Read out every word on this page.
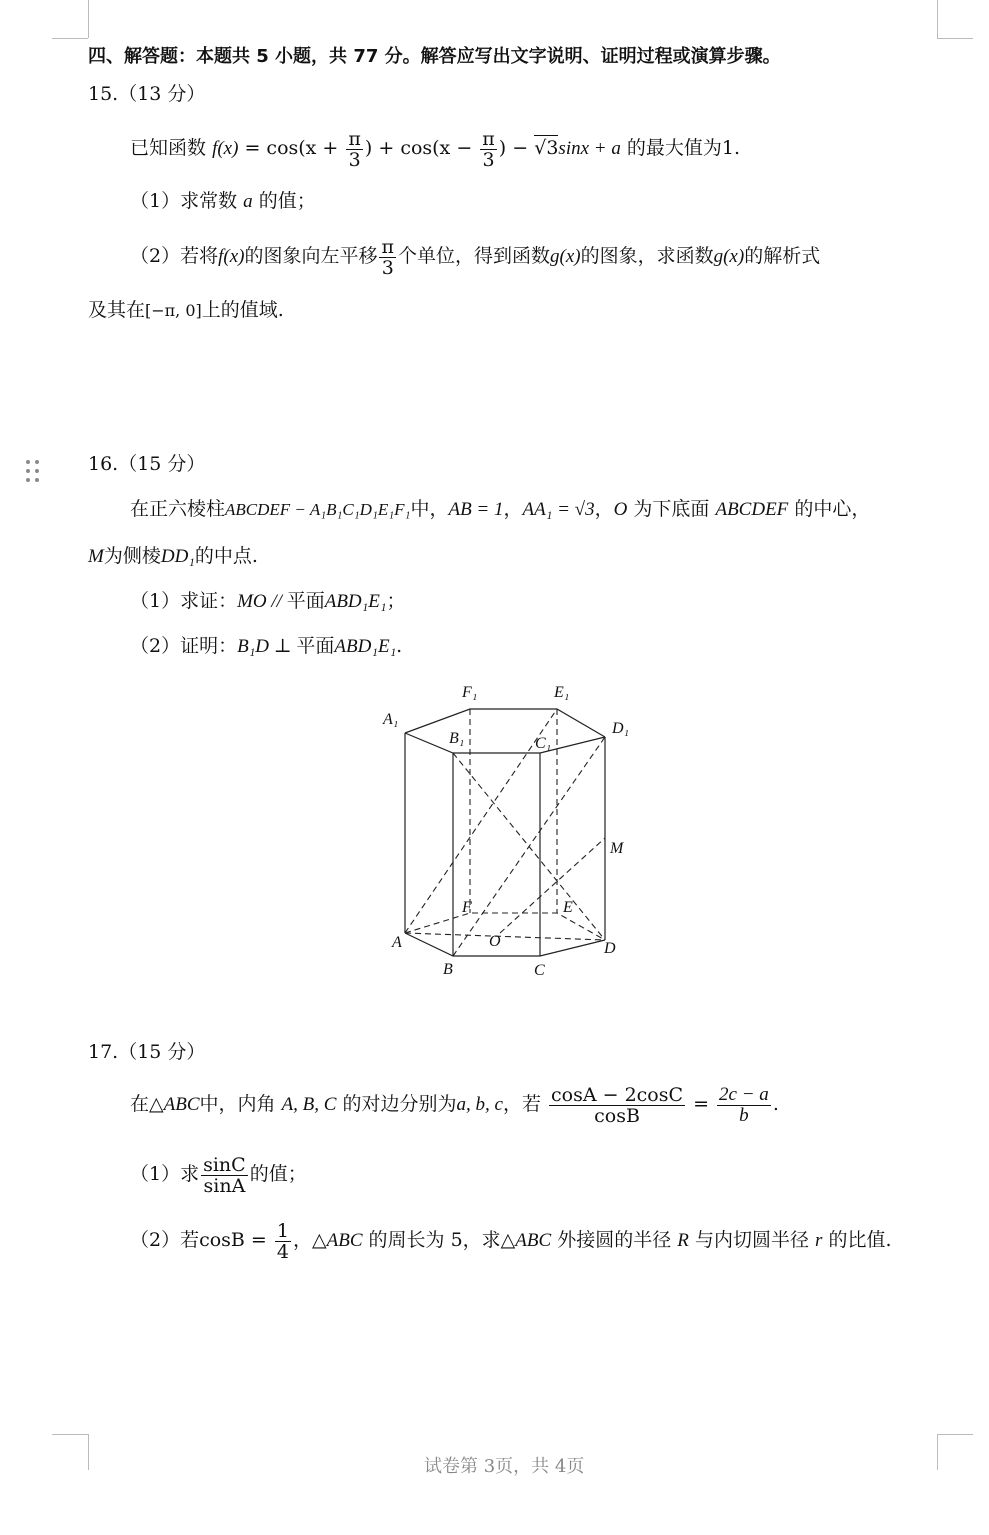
四、解答题：本题共 5 小题，共 77 分。解答应写出文字说明、证明过程或演算步骤。
15.（13 分）
已知函数 $f(x) = \cos(x + \frac{\pi}{3}$ ) + $\cos(x - \frac{\pi}{3}$ ) − √3sinx + a 的最大值为1.
（1）求常数 a 的值；
（2）若将f(x)的图象向左平移 $\frac{\pi}{3}$ 个单位，得到函数g(x)的图象，求函数g(x)的解析式
及其在[−π, 0]上的值域.
16.（15 分）
在正六棱柱ABCDEF − A₁B₁C₁D₁E₁F₁中，AB = 1，AA₁ = √3，O 为下底面 ABCDEF 的中心，
M为侧棱DD₁的中点.
（1）求证：MO // 平面ABD₁E₁；
（2）证明：B₁D ⊥ 平面ABD₁E₁.
A₁
F₁	E₁
D₁
B₁	C₁
M
F	E
A	O	D
B	C
17.（15 分）
在△ABC中，内角 A, B, C 的对边分别为a, b, c，若 $\frac{\cos A - 2\cos C}{\cos B} = \frac{2c - a}{b}$ .
（1）求 $\frac{\sin C}{\sin A}$ 的值；
（2）若$\cos B = \frac{1}{4}$ ，△ABC 的周长为 5，求△ABC 外接圆的半径 R 与内切圆半径 r 的比值.
试卷第 3页，共 4页
